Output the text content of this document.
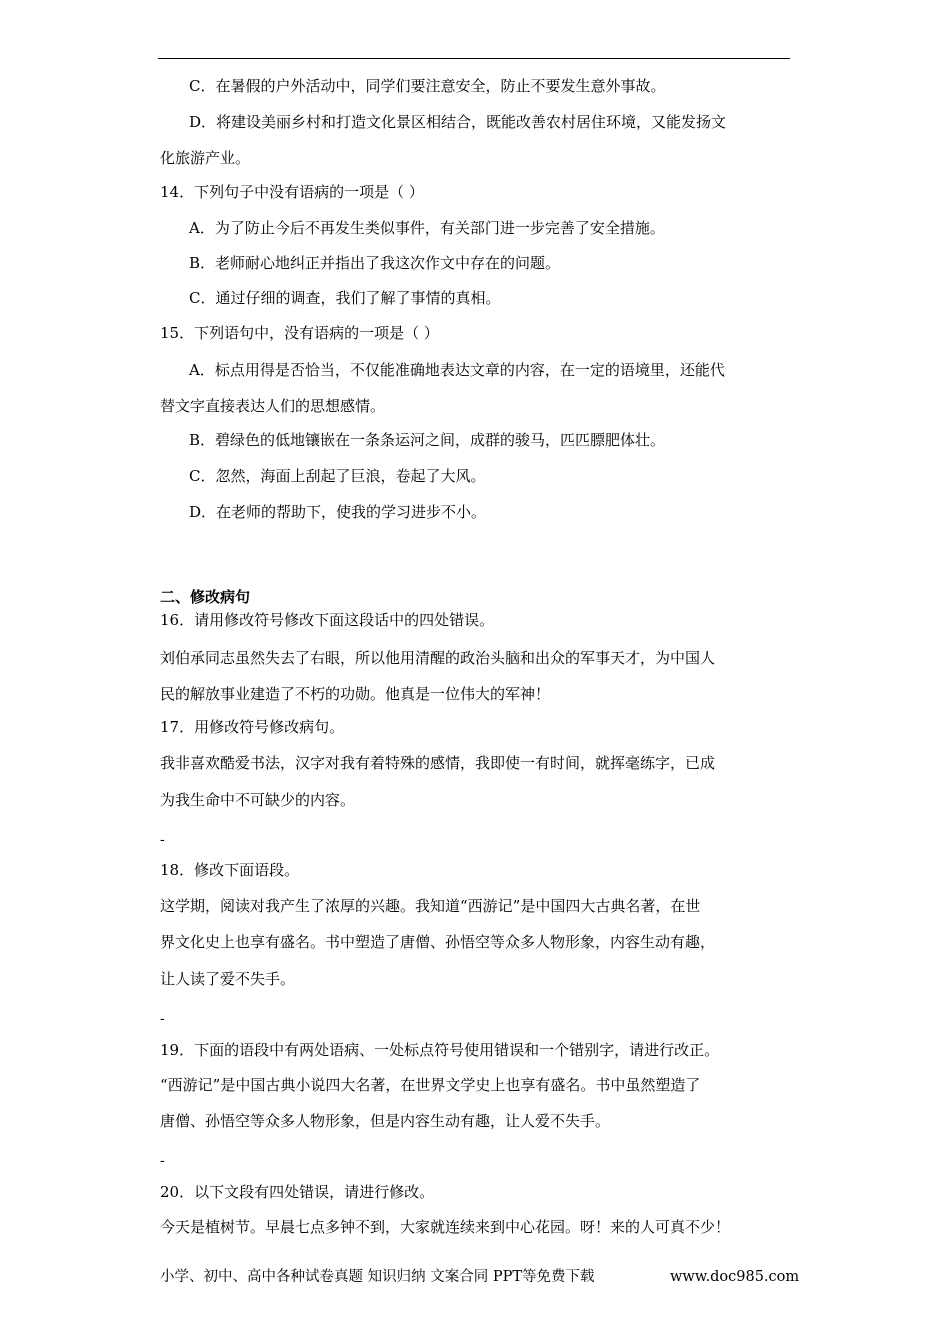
C．在暑假的户外活动中，同学们要注意安全，防止不要发生意外事故。
D．将建设美丽乡村和打造文化景区相结合，既能改善农村居住环境，又能发扬文
化旅游产业。
14．下列句子中没有语病的一项是（ ）
A．为了防止今后不再发生类似事件，有关部门进一步完善了安全措施。
B．老师耐心地纠正并指出了我这次作文中存在的问题。
C．通过仔细的调查，我们了解了事情的真相。
15．下列语句中，没有语病的一项是（ ）
A．标点用得是否恰当，不仅能准确地表达文章的内容，在一定的语境里，还能代
替文字直接表达人们的思想感情。
B．碧绿色的低地镶嵌在一条条运河之间，成群的骏马，匹匹膘肥体壮。
C．忽然，海面上刮起了巨浪，卷起了大风。
D．在老师的帮助下，使我的学习进步不小。
二、修改病句
16．请用修改符号修改下面这段话中的四处错误。
刘伯承同志虽然失去了右眼，所以他用清醒的政治头脑和出众的军事天才，为中国人
民的解放事业建造了不朽的功勋。他真是一位伟大的军神！
17．用修改符号修改病句。
我非喜欢酷爱书法，汉字对我有着特殊的感情，我即使一有时间，就挥毫练字，已成
为我生命中不可缺少的内容。
-
18．修改下面语段。
这学期，阅读对我产生了浓厚的兴趣。我知道“西游记”是中国四大古典名著，在世
界文化史上也享有盛名。书中塑造了唐僧、孙悟空等众多人物形象，内容生动有趣，
让人读了爱不失手。
-
19．下面的语段中有两处语病、一处标点符号使用错误和一个错别字，请进行改正。
“西游记”是中国古典小说四大名著，在世界文学史上也享有盛名。书中虽然塑造了
唐僧、孙悟空等众多人物形象，但是内容生动有趣，让人爱不失手。
-
20．以下文段有四处错误，请进行修改。
今天是植树节。早晨七点多钟不到，大家就连续来到中心花园。呀！来的人可真不少！
小学、初中、高中各种试卷真题 知识归纳 文案合同 PPT等免费下载	www.doc985.com
